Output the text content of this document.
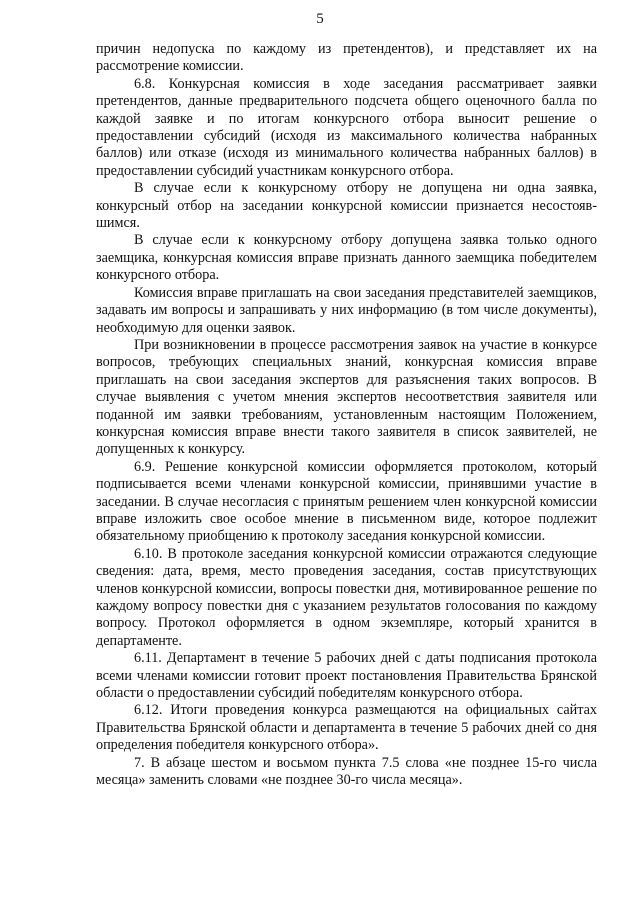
5

причин недопуска по каждому из претендентов), и представляет их на рассмотрение комиссии.

6.8. Конкурсная комиссия в ходе заседания рассматривает заявки претендентов, данные предварительного подсчета общего оценочного балла по каждой заявке и по итогам конкурсного отбора выносит решение о предоставлении субсидий (исходя из максимального количества набранных баллов) или отказе (исходя из минимального количества набранных баллов) в предоставлении субсидий участникам конкурсного отбора.

В случае если к конкурсному отбору не допущена ни одна заявка, конкурсный отбор на заседании конкурсной комиссии признается несостоявшимся.

В случае если к конкурсному отбору допущена заявка только одного заемщика, конкурсная комиссия вправе признать данного заемщика победителем конкурсного отбора.

Комиссия вправе приглашать на свои заседания представителей заемщиков, задавать им вопросы и запрашивать у них информацию (в том числе документы), необходимую для оценки заявок.

При возникновении в процессе рассмотрения заявок на участие в конкурсе вопросов, требующих специальных знаний, конкурсная комиссия вправе приглашать на свои заседания экспертов для разъяснения таких вопросов. В случае выявления с учетом мнения экспертов несоответствия заявителя или поданной им заявки требованиям, установленным настоящим Положением, конкурсная комиссия вправе внести такого заявителя в список заявителей, не допущенных к конкурсу.

6.9. Решение конкурсной комиссии оформляется протоколом, который подписывается всеми членами конкурсной комиссии, принявшими участие в заседании. В случае несогласия с принятым решением член конкурсной комиссии вправе изложить свое особое мнение в письменном виде, которое подлежит обязательному приобщению к протоколу заседания конкурсной комиссии.

6.10. В протоколе заседания конкурсной комиссии отражаются следующие сведения: дата, время, место проведения заседания, состав присутствующих членов конкурсной комиссии, вопросы повестки дня, мотивированное решение по каждому вопросу повестки дня с указанием результатов голосования по каждому вопросу. Протокол оформляется в одном экземпляре, который хранится в департаменте.

6.11. Департамент в течение 5 рабочих дней с даты подписания протокола всеми членами комиссии готовит проект постановления Правительства Брянской области о предоставлении субсидий победителям конкурсного отбора.

6.12. Итоги проведения конкурса размещаются на официальных сайтах Правительства Брянской области и департамента в течение 5 рабочих дней со дня определения победителя конкурсного отбора».

7. В абзаце шестом и восьмом пункта 7.5 слова «не позднее 15-го числа месяца» заменить словами «не позднее 30-го числа месяца».
